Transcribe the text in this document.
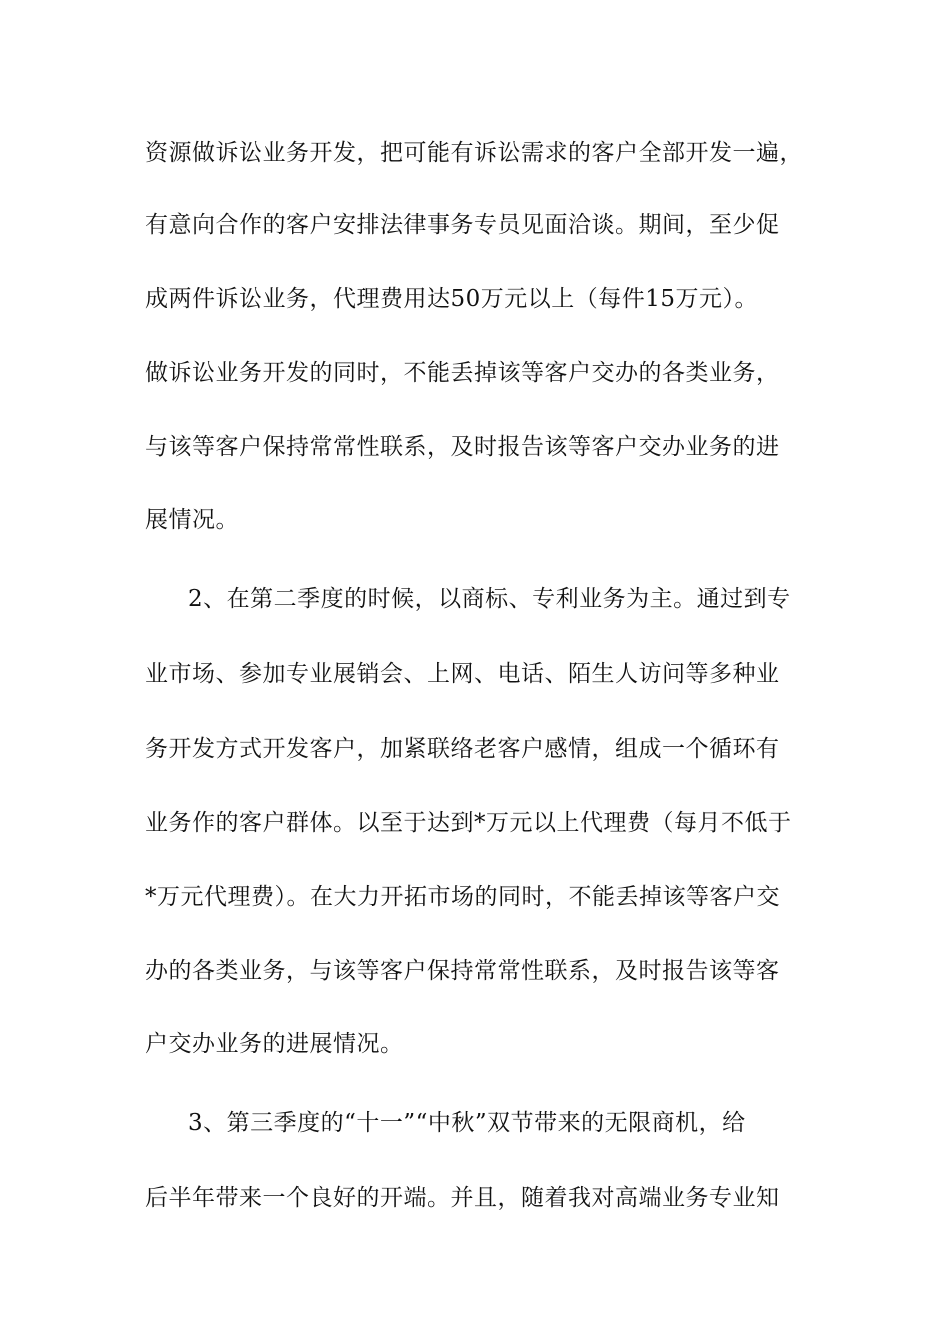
资源做诉讼业务开发，把可能有诉讼需求的客户全部开发一遍，
有意向合作的客户安排法律事务专员见面洽谈。期间，至少促
成两件诉讼业务，代理费用达50万元以上（每件15万元）。
做诉讼业务开发的同时，不能丢掉该等客户交办的各类业务，
与该等客户保持常常性联系，及时报告该等客户交办业务的进
展情况。
2、在第二季度的时候，以商标、专利业务为主。通过到专
业市场、参加专业展销会、上网、电话、陌生人访问等多种业
务开发方式开发客户，加紧联络老客户感情，组成一个循环有
业务作的客户群体。以至于达到*万元以上代理费（每月不低于
*万元代理费）。在大力开拓市场的同时，不能丢掉该等客户交
办的各类业务，与该等客户保持常常性联系，及时报告该等客
户交办业务的进展情况。
3、第三季度的“十一”“中秋”双节带来的无限商机，给
后半年带来一个良好的开端。并且，随着我对高端业务专业知
